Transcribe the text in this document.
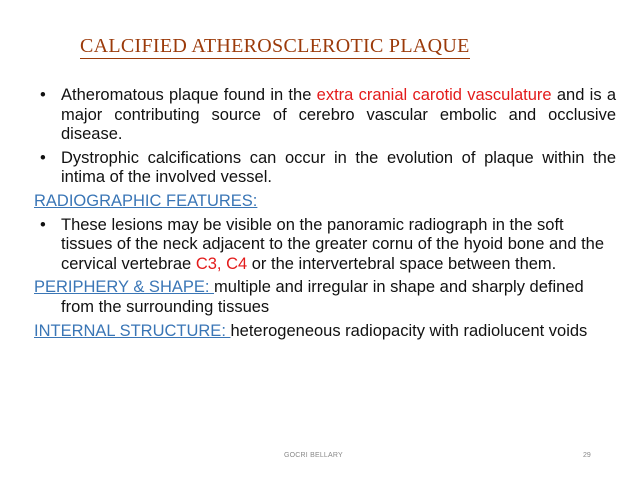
CALCIFIED ATHEROSCLEROTIC PLAQUE
• Atheromatous plaque found in the extra cranial carotid vasculature and is a major contributing source of cerebro vascular embolic and occlusive disease.
• Dystrophic calcifications can occur in the evolution of plaque within the intima of the involved vessel.
RADIOGRAPHIC FEATURES:
• These lesions may be visible on the panoramic radiograph in the soft tissues of the neck adjacent to the greater cornu of the hyoid bone and the cervical vertebrae C3, C4 or the intervertebral space between them.
PERIPHERY & SHAPE: multiple and irregular in shape and sharply defined from the surrounding tissues
INTERNAL STRUCTURE: heterogeneous radiopacity with radiolucent voids
GOCRI BELLARY	29
